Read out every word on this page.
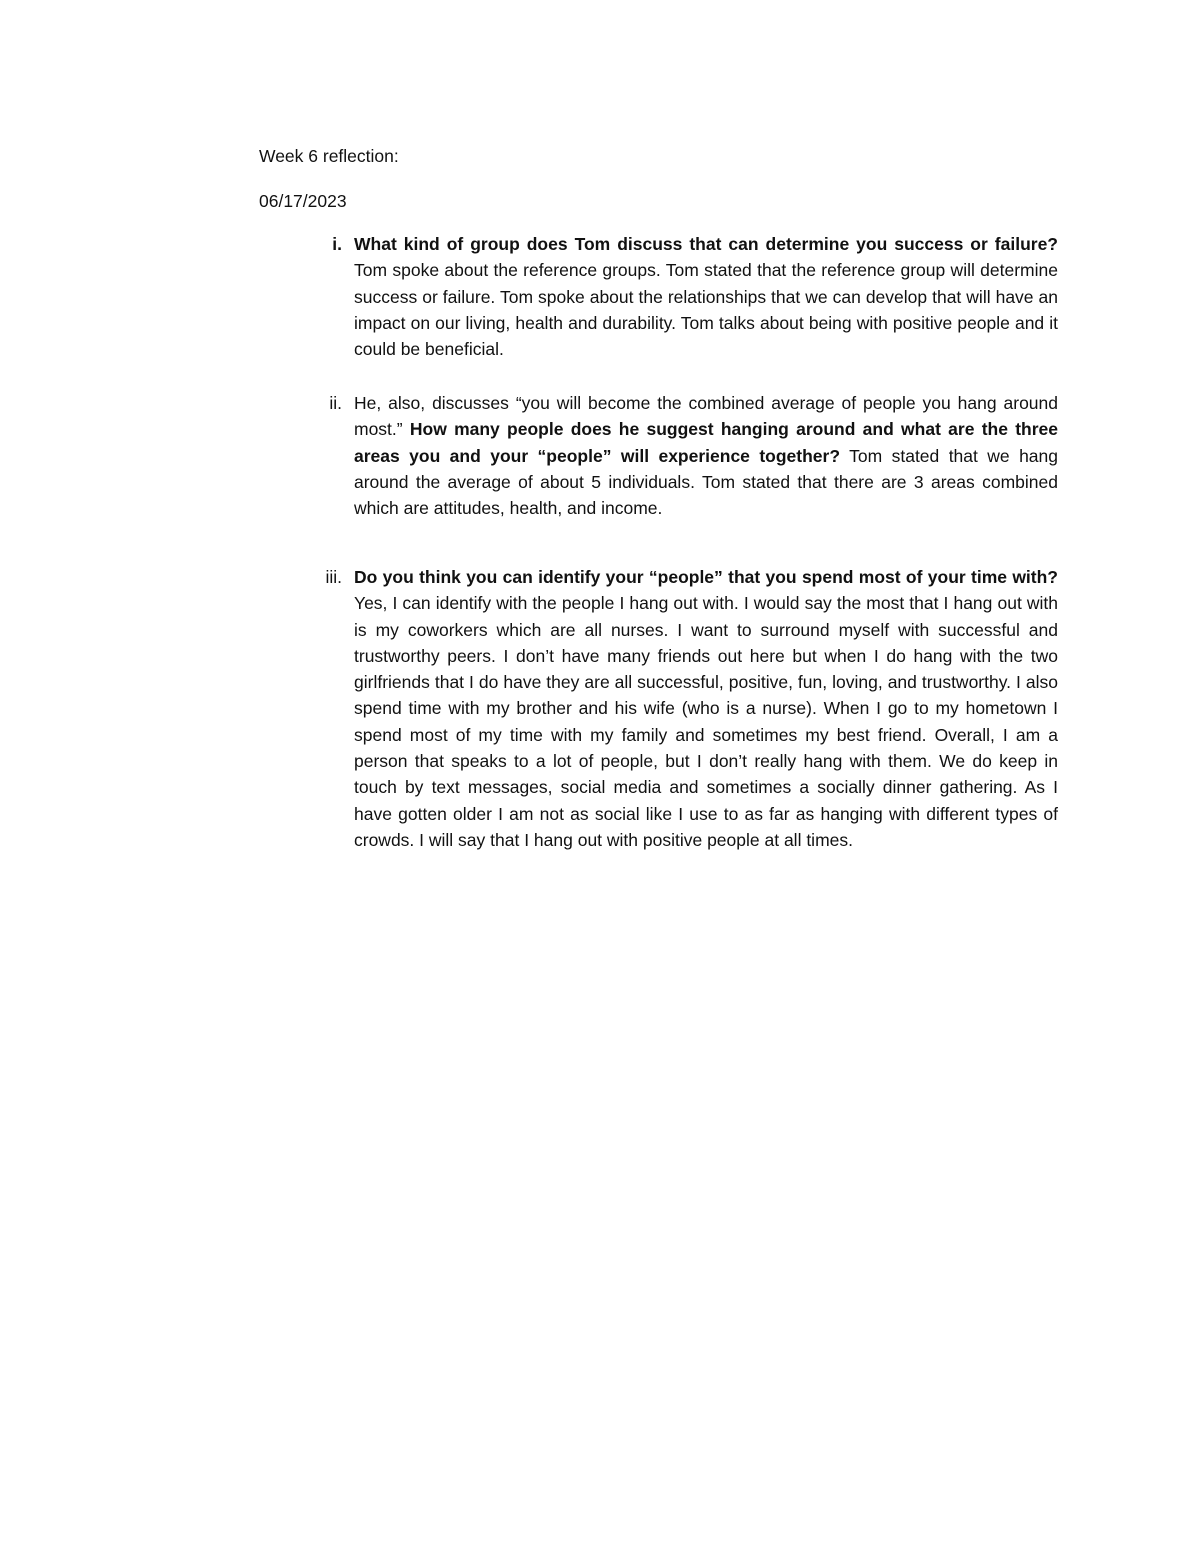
Week 6 reflection:
06/17/2023
i. What kind of group does Tom discuss that can determine you success or failure? Tom spoke about the reference groups. Tom stated that the reference group will determine success or failure. Tom spoke about the relationships that we can develop that will have an impact on our living, health and durability. Tom talks about being with positive people and it could be beneficial.
ii. He, also, discusses “you will become the combined average of people you hang around most.” How many people does he suggest hanging around and what are the three areas you and your “people” will experience together? Tom stated that we hang around the average of about 5 individuals. Tom stated that there are 3 areas combined which are attitudes, health, and income.
iii. Do you think you can identify your “people” that you spend most of your time with? Yes, I can identify with the people I hang out with. I would say the most that I hang out with is my coworkers which are all nurses. I want to surround myself with successful and trustworthy peers. I don’t have many friends out here but when I do hang with the two girlfriends that I do have they are all successful, positive, fun, loving, and trustworthy. I also spend time with my brother and his wife (who is a nurse). When I go to my hometown I spend most of my time with my family and sometimes my best friend. Overall, I am a person that speaks to a lot of people, but I don’t really hang with them. We do keep in touch by text messages, social media and sometimes a socially dinner gathering. As I have gotten older I am not as social like I use to as far as hanging with different types of crowds. I will say that I hang out with positive people at all times.
